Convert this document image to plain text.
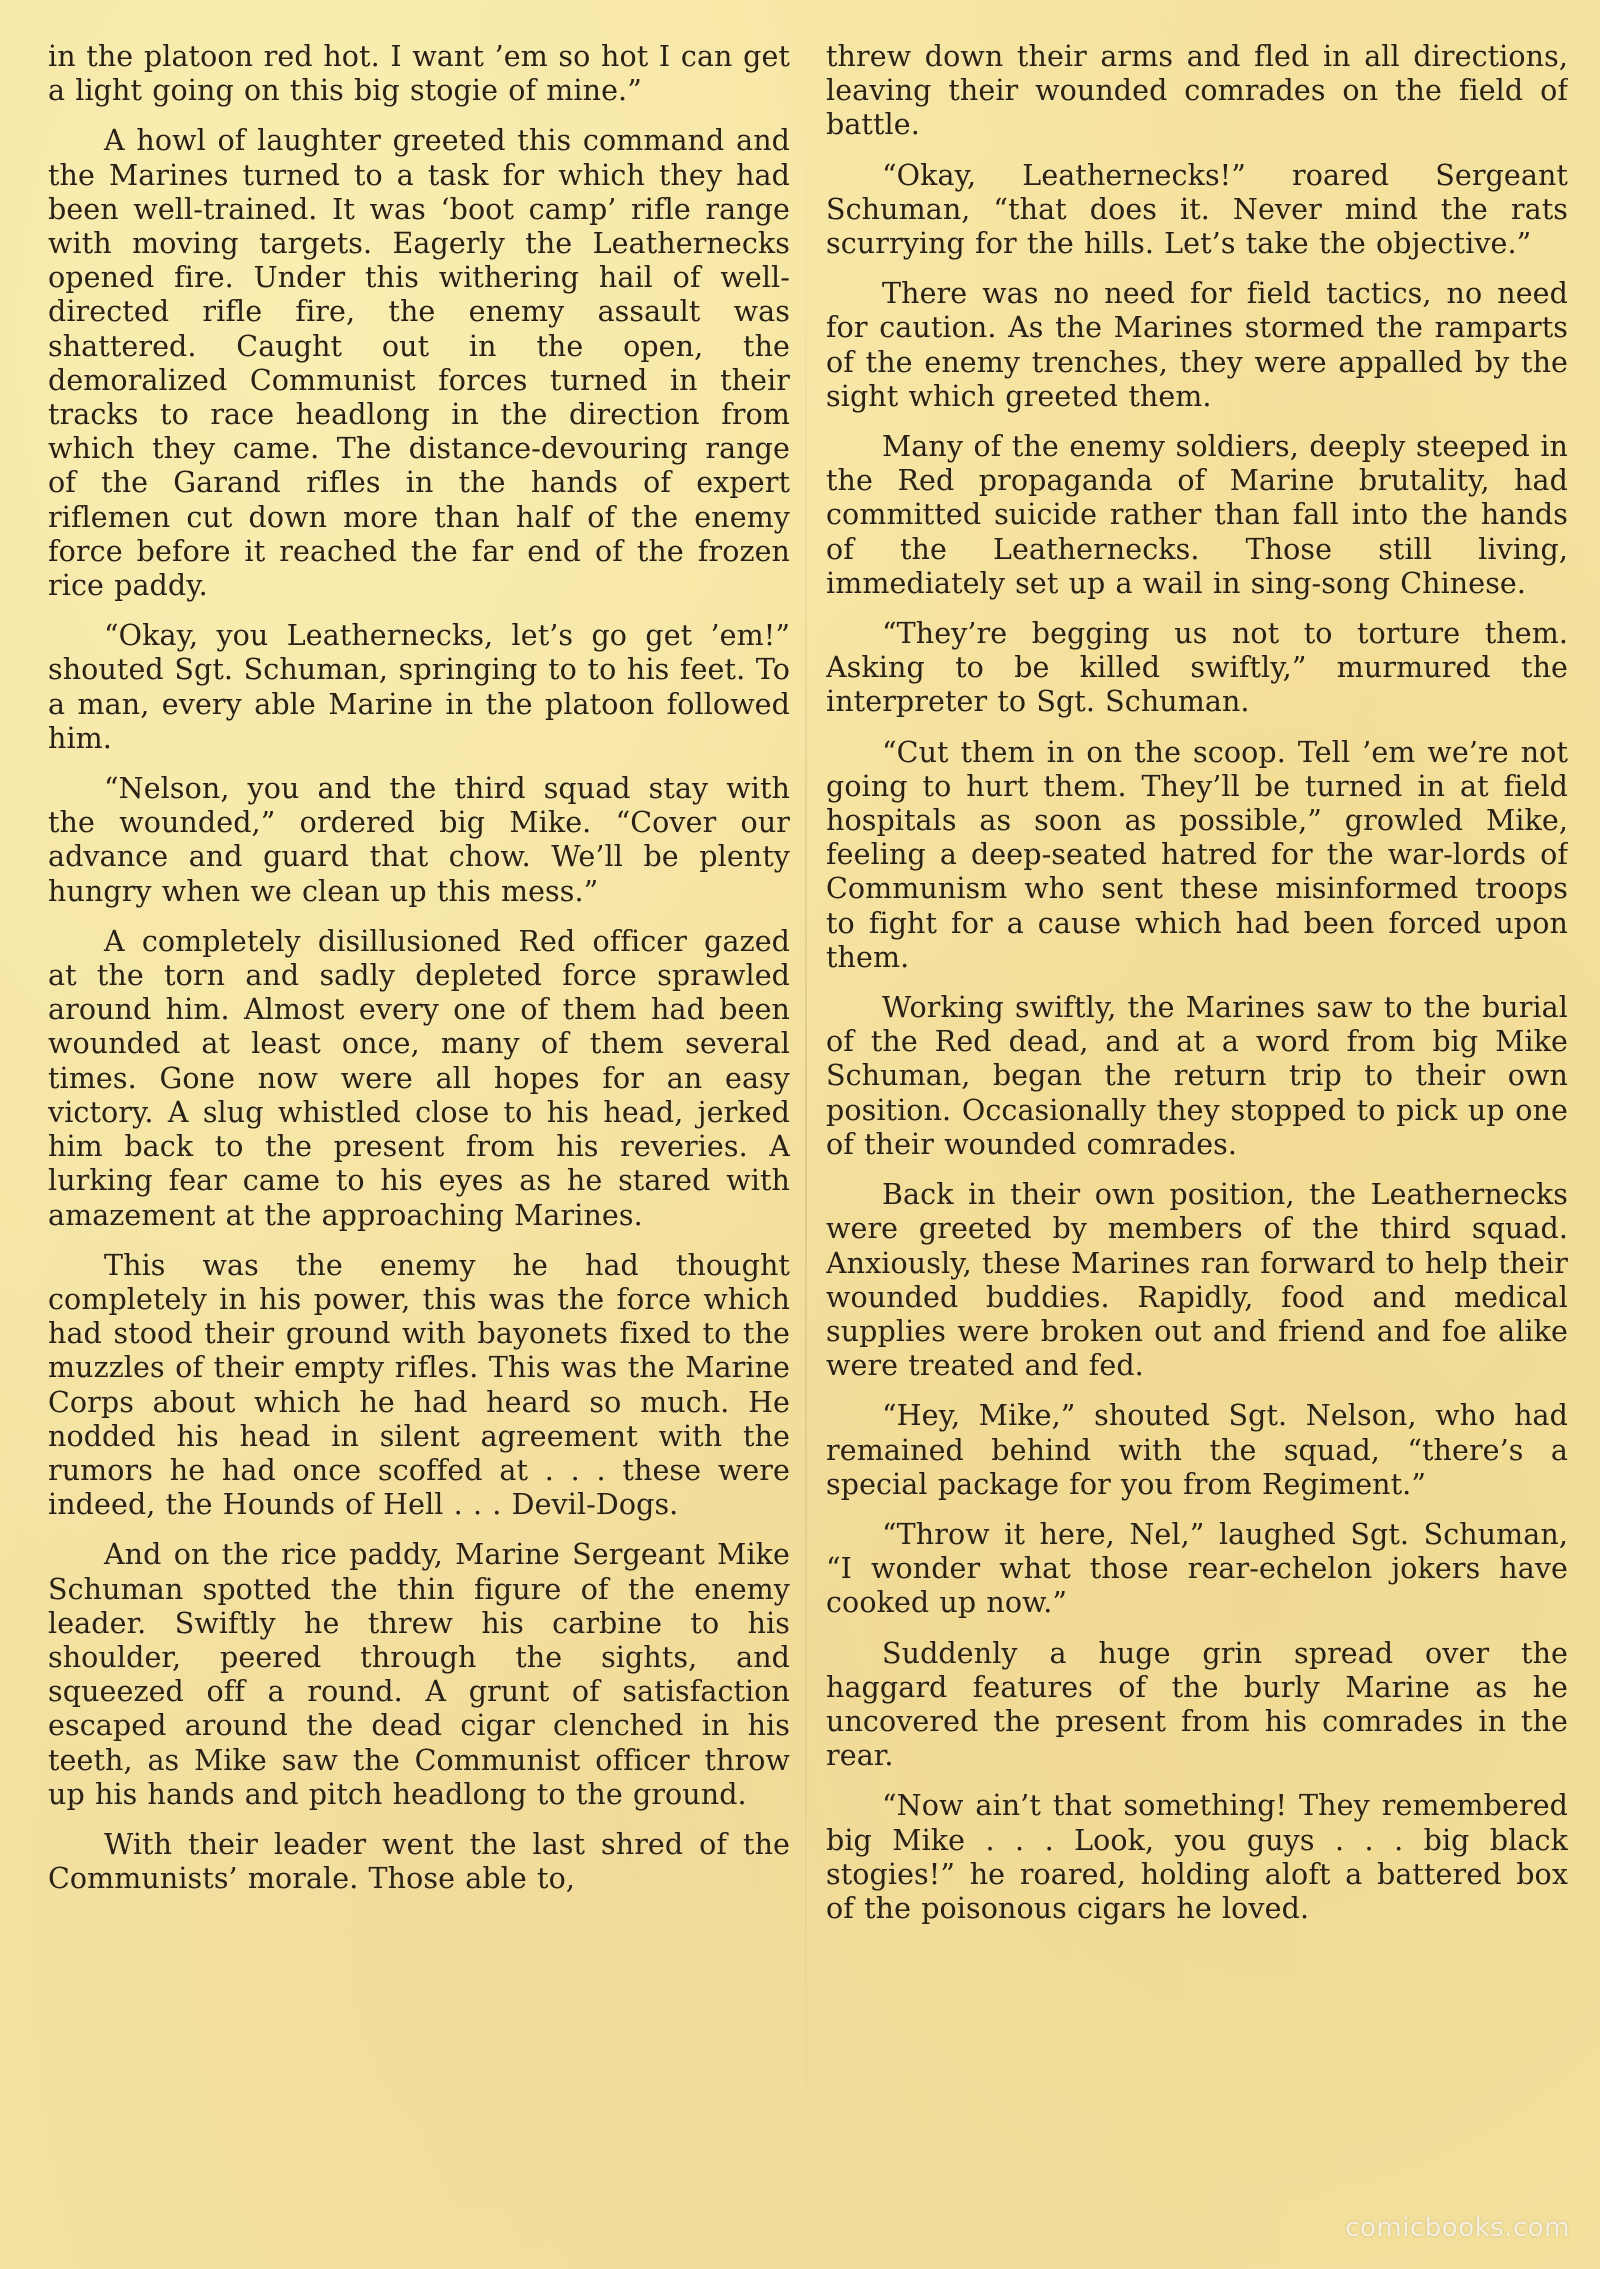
in the platoon red hot. I want ’em so hot I can get a light going on this big stogie of mine.”

A howl of laughter greeted this command and the Marines turned to a task for which they had been well-trained. It was ‘boot camp’ rifle range with moving targets. Eagerly the Leathernecks opened fire. Under this withering hail of well-directed rifle fire, the enemy assault was shattered. Caught out in the open, the demoralized Communist forces turned in their tracks to race headlong in the direction from which they came. The distance-devouring range of the Garand rifles in the hands of expert riflemen cut down more than half of the enemy force before it reached the far end of the frozen rice paddy.

“Okay, you Leathernecks, let’s go get ’em!” shouted Sgt. Schuman, springing to to his feet. To a man, every able Marine in the platoon followed him.

“Nelson, you and the third squad stay with the wounded,” ordered big Mike. “Cover our advance and guard that chow. We’ll be plenty hungry when we clean up this mess.”

A completely disillusioned Red officer gazed at the torn and sadly depleted force sprawled around him. Almost every one of them had been wounded at least once, many of them several times. Gone now were all hopes for an easy victory. A slug whistled close to his head, jerked him back to the present from his reveries. A lurking fear came to his eyes as he stared with amazement at the approaching Marines.

This was the enemy he had thought completely in his power, this was the force which had stood their ground with bayonets fixed to the muzzles of their empty rifles. This was the Marine Corps about which he had heard so much. He nodded his head in silent agreement with the rumors he had once scoffed at . . . these were indeed, the Hounds of Hell . . . Devil-Dogs.

And on the rice paddy, Marine Sergeant Mike Schuman spotted the thin figure of the enemy leader. Swiftly he threw his carbine to his shoulder, peered through the sights, and squeezed off a round. A grunt of satisfaction escaped around the dead cigar clenched in his teeth, as Mike saw the Communist officer throw up his hands and pitch headlong to the ground.

With their leader went the last shred of the Communists’ morale. Those able to,

threw down their arms and fled in all directions, leaving their wounded comrades on the field of battle.

“Okay, Leathernecks!” roared Sergeant Schuman, “that does it. Never mind the rats scurrying for the hills. Let’s take the objective.”

There was no need for field tactics, no need for caution. As the Marines stormed the ramparts of the enemy trenches, they were appalled by the sight which greeted them.

Many of the enemy soldiers, deeply steeped in the Red propaganda of Marine brutality, had committed suicide rather than fall into the hands of the Leathernecks. Those still living, immediately set up a wail in sing-song Chinese.

“They’re begging us not to torture them. Asking to be killed swiftly,” murmured the interpreter to Sgt. Schuman.

“Cut them in on the scoop. Tell ’em we’re not going to hurt them. They’ll be turned in at field hospitals as soon as possible,” growled Mike, feeling a deep-seated hatred for the war-lords of Communism who sent these misinformed troops to fight for a cause which had been forced upon them.

Working swiftly, the Marines saw to the burial of the Red dead, and at a word from big Mike Schuman, began the return trip to their own position. Occasionally they stopped to pick up one of their wounded comrades.

Back in their own position, the Leathernecks were greeted by members of the third squad. Anxiously, these Marines ran forward to help their wounded buddies. Rapidly, food and medical supplies were broken out and friend and foe alike were treated and fed.

“Hey, Mike,” shouted Sgt. Nelson, who had remained behind with the squad, “there’s a special package for you from Regiment.”

“Throw it here, Nel,” laughed Sgt. Schuman, “I wonder what those rear-echelon jokers have cooked up now.”

Suddenly a huge grin spread over the haggard features of the burly Marine as he uncovered the present from his comrades in the rear.

“Now ain’t that something! They remembered big Mike . . . Look, you guys . . . big black stogies!” he roared, holding aloft a battered box of the poisonous cigars he loved.

comicbooks.com
